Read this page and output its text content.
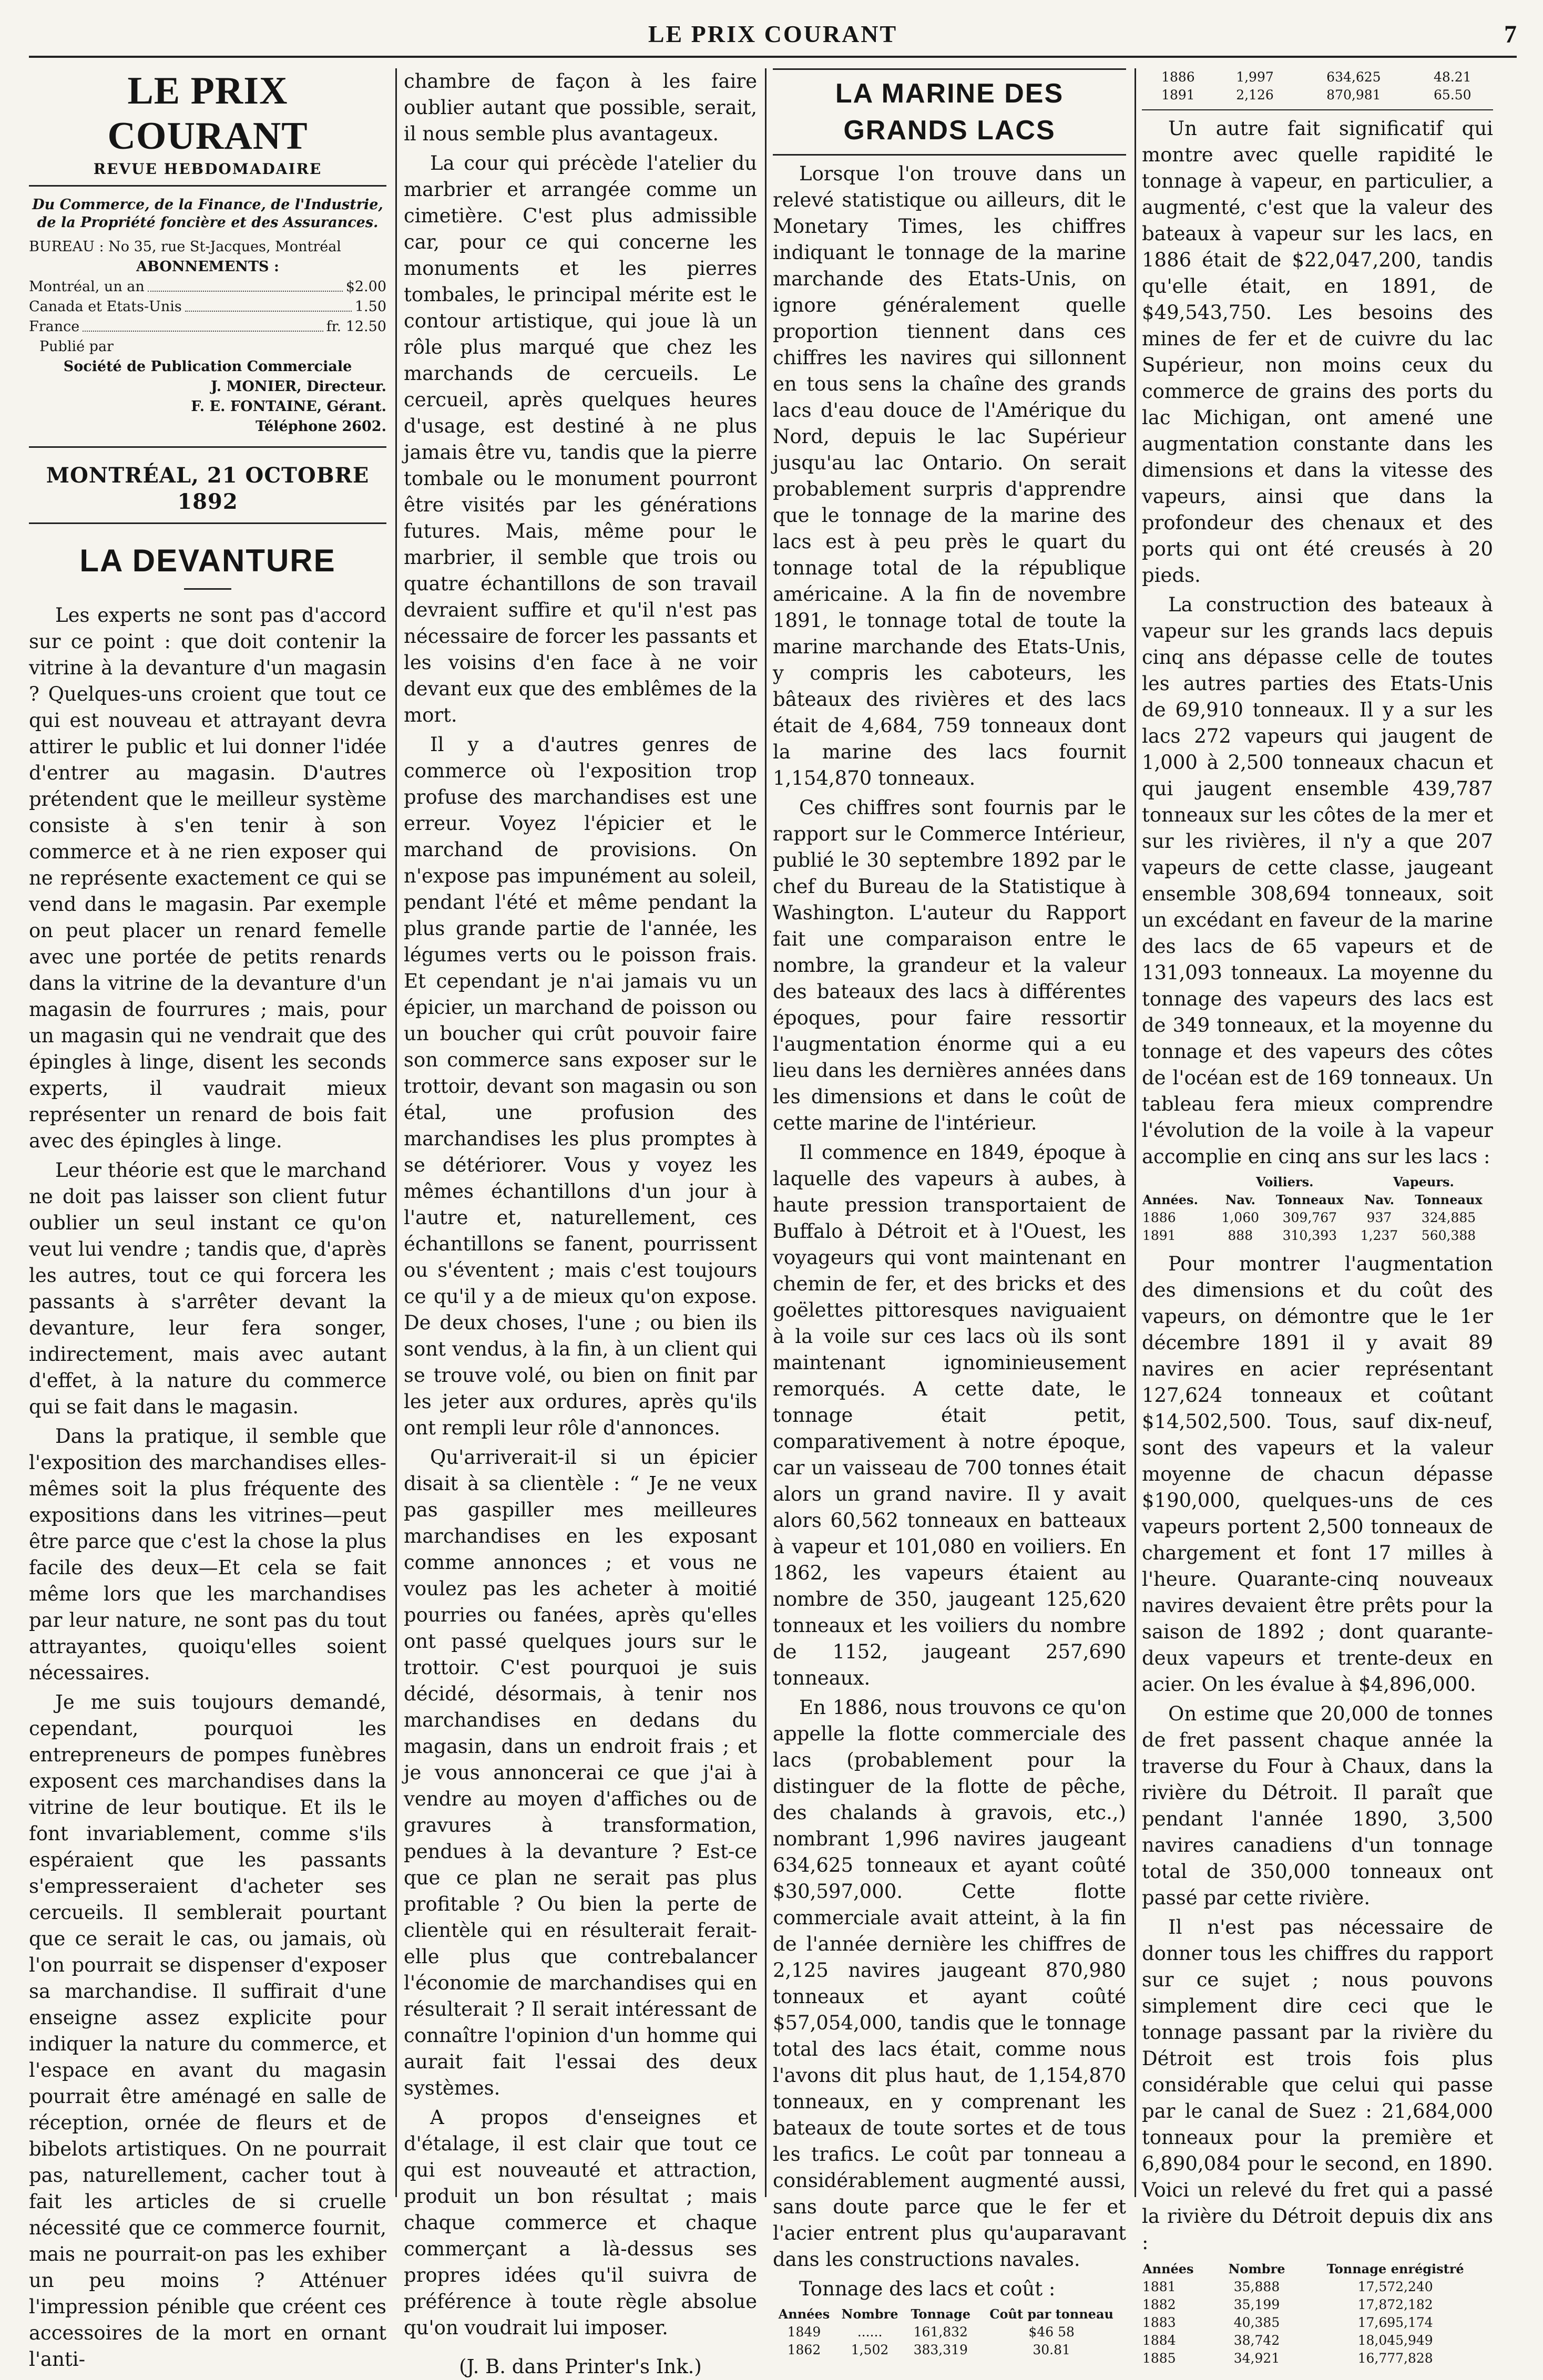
LE PRIX COURANT	7
LE PRIX COURANT
REVUE HEBDOMADAIRE
Du Commerce, de la Finance, de l'Industrie, de la Propriété foncière et des Assurances.
BUREAU : No 35, rue St-Jacques, Montréal
ABONNEMENTS :
Montréal, un an	$2.00
Canada et Etats-Unis	1.50
France	fr. 12.50
Publié par
Société de Publication Commerciale
J. MONIER, Directeur.
F. E. FONTAINE, Gérant.
Téléphone 2602.
MONTRÉAL, 21 OCTOBRE 1892
LA DEVANTURE

Les experts ne sont pas d'accord sur ce point : que doit contenir la vitrine à la devanture d'un magasin ? Quelques-uns croient que tout ce qui est nouveau et attrayant devra attirer le public et lui donner l'idée d'entrer au magasin. D'autres prétendent que le meilleur système consiste à s'en tenir à son commerce et à ne rien exposer qui ne représente exactement ce qui se vend dans le magasin. Par exemple on peut placer un renard femelle avec une portée de petits renards dans la vitrine de la devanture d'un magasin de fourrures ; mais, pour un magasin qui ne vendrait que des épingles à linge, disent les seconds experts, il vaudrait mieux représenter un renard de bois fait avec des épingles à linge.

Leur théorie est que le marchand ne doit pas laisser son client futur oublier un seul instant ce qu'on veut lui vendre ; tandis que, d'après les autres, tout ce qui forcera les passants à s'arrêter devant la devanture, leur fera songer, indirectement, mais avec autant d'effet, à la nature du commerce qui se fait dans le magasin.

Dans la pratique, il semble que l'exposition des marchandises elles-mêmes soit la plus fréquente des expositions dans les vitrines—peut être parce que c'est la chose la plus facile des deux—Et cela se fait même lors que les marchandises par leur nature, ne sont pas du tout attrayantes, quoiqu'elles soient nécessaires.

Je me suis toujours demandé, cependant, pourquoi les entrepreneurs de pompes funèbres exposent ces marchandises dans la vitrine de leur boutique. Et ils le font invariablement, comme s'ils espéraient que les passants s'empresseraient d'acheter ses cercueils. Il semblerait pourtant que ce serait le cas, ou jamais, où l'on pourrait se dispenser d'exposer sa marchandise. Il suffirait d'une enseigne assez explicite pour indiquer la nature du commerce, et l'espace en avant du magasin pourrait être aménagé en salle de réception, ornée de fleurs et de bibelots artistiques. On ne pourrait pas, naturellement, cacher tout à fait les articles de si cruelle nécessité que ce commerce fournit, mais ne pourrait-on pas les exhiber un peu moins ? Atténuer l'impression pénible que créent ces accessoires de la mort en ornant l'anti-

chambre de façon à les faire oublier autant que possible, serait, il nous semble plus avantageux.

La cour qui précède l'atelier du marbrier et arrangée comme un cimetière. C'est plus admissible car, pour ce qui concerne les monuments et les pierres tombales, le principal mérite est le contour artistique, qui joue là un rôle plus marqué que chez les marchands de cercueils. Le cercueil, après quelques heures d'usage, est destiné à ne plus jamais être vu, tandis que la pierre tombale ou le monument pourront être visités par les générations futures. Mais, même pour le marbrier, il semble que trois ou quatre échantillons de son travail devraient suffire et qu'il n'est pas nécessaire de forcer les passants et les voisins d'en face à ne voir devant eux que des emblêmes de la mort.

Il y a d'autres genres de commerce où l'exposition trop profuse des marchandises est une erreur. Voyez l'épicier et le marchand de provisions. On n'expose pas impunément au soleil, pendant l'été et même pendant la plus grande partie de l'année, les légumes verts ou le poisson frais. Et cependant je n'ai jamais vu un épicier, un marchand de poisson ou un boucher qui crût pouvoir faire son commerce sans exposer sur le trottoir, devant son magasin ou son étal, une profusion des marchandises les plus promptes à se détériorer. Vous y voyez les mêmes échantillons d'un jour à l'autre et, naturellement, ces échantillons se fanent, pourrissent ou s'éventent ; mais c'est toujours ce qu'il y a de mieux qu'on expose. De deux choses, l'une ; ou bien ils sont vendus, à la fin, à un client qui se trouve volé, ou bien on finit par les jeter aux ordures, après qu'ils ont rempli leur rôle d'annonces.

Qu'arriverait-il si un épicier disait à sa clientèle : “ Je ne veux pas gaspiller mes meilleures marchandises en les exposant comme annonces ; et vous ne voulez pas les acheter à moitié pourries ou fanées, après qu'elles ont passé quelques jours sur le trottoir. C'est pourquoi je suis décidé, désormais, à tenir nos marchandises en dedans du magasin, dans un endroit frais ; et je vous annoncerai ce que j'ai à vendre au moyen d'affiches ou de gravures à transformation, pendues à la devanture ? Est-ce que ce plan ne serait pas plus profitable ? Ou bien la perte de clientèle qui en résulterait ferait-elle plus que contrebalancer l'économie de marchandises qui en résulterait ? Il serait intéressant de connaître l'opinion d'un homme qui aurait fait l'essai des deux systèmes.

A propos d'enseignes et d'étalage, il est clair que tout ce qui est nouveauté et attraction, produit un bon résultat ; mais chaque commerce et chaque commerçant a là-dessus ses propres idées qu'il suivra de préférence à toute règle absolue qu'on voudrait lui imposer.

(J. B. dans Printer's Ink.)
LA MARINE DES GRANDS LACS

Lorsque l'on trouve dans un relevé statistique ou ailleurs, dit le Monetary Times, les chiffres indiquant le tonnage de la marine marchande des Etats-Unis, on ignore généralement quelle proportion tiennent dans ces chiffres les navires qui sillonnent en tous sens la chaîne des grands lacs d'eau douce de l'Amérique du Nord, depuis le lac Supérieur jusqu'au lac Ontario. On serait probablement surpris d'apprendre que le tonnage de la marine des lacs est à peu près le quart du tonnage total de la république américaine. A la fin de novembre 1891, le tonnage total de toute la marine marchande des Etats-Unis, y compris les caboteurs, les bâteaux des rivières et des lacs était de 4,684, 759 tonneaux dont la marine des lacs fournit 1,154,870 tonneaux.

Ces chiffres sont fournis par le rapport sur le Commerce Intérieur, publié le 30 septembre 1892 par le chef du Bureau de la Statistique à Washington. L'auteur du Rapport fait une comparaison entre le nombre, la grandeur et la valeur des bateaux des lacs à différentes époques, pour faire ressortir l'augmentation énorme qui a eu lieu dans les dernières années dans les dimensions et dans le coût de cette marine de l'intérieur.

Il commence en 1849, époque à laquelle des vapeurs à aubes, à haute pression transportaient de Buffalo à Détroit et à l'Ouest, les voyageurs qui vont maintenant en chemin de fer, et des bricks et des goëlettes pittoresques naviguaient à la voile sur ces lacs où ils sont maintenant ignominieusement remorqués. A cette date, le tonnage était petit, comparativement à notre époque, car un vaisseau de 700 tonnes était alors un grand navire. Il y avait alors 60,562 tonneaux en batteaux à vapeur et 101,080 en voiliers. En 1862, les vapeurs étaient au nombre de 350, jaugeant 125,620 tonneaux et les voiliers du nombre de 1152, jaugeant 257,690 tonneaux.

En 1886, nous trouvons ce qu'on appelle la flotte commerciale des lacs (probablement pour la distinguer de la flotte de pêche, des chalands à gravois, etc.,) nombrant 1,996 navires jaugeant 634,625 tonneaux et ayant coûté $30,597,000. Cette flotte commerciale avait atteint, à la fin de l'année dernière les chiffres de 2,125 navires jaugeant 870,980 tonneaux et ayant coûté $57,054,000, tandis que le tonnage total des lacs était, comme nous l'avons dit plus haut, de 1,154,870 tonneaux, en y comprenant les bateaux de toute sortes et de tous les trafics. Le coût par tonneau a considérablement augmenté aussi, sans doute parce que le fer et l'acier entrent plus qu'auparavant dans les constructions navales.

Tonnage des lacs et coût :

Années	Nombre	Tonnage	Coût par tonneau
1849	......	161,832	$46 58
1862	1,502	383,319	30.81
1886	1,997	634,625	48.21
1891	2,126	870,981	65.50

Un autre fait significatif qui montre avec quelle rapidité le tonnage à vapeur, en particulier, a augmenté, c'est que la valeur des bateaux à vapeur sur les lacs, en 1886 était de $22,047,200, tandis qu'elle était, en 1891, de $49,543,750. Les besoins des mines de fer et de cuivre du lac Supérieur, non moins ceux du commerce de grains des ports du lac Michigan, ont amené une augmentation constante dans les dimensions et dans la vitesse des vapeurs, ainsi que dans la profondeur des chenaux et des ports qui ont été creusés à 20 pieds.

La construction des bateaux à vapeur sur les grands lacs depuis cinq ans dépasse celle de toutes les autres parties des Etats-Unis de 69,910 tonneaux. Il y a sur les lacs 272 vapeurs qui jaugent de 1,000 à 2,500 tonneaux chacun et qui jaugent ensemble 439,787 tonneaux sur les côtes de la mer et sur les rivières, il n'y a que 207 vapeurs de cette classe, jaugeant ensemble 308,694 tonneaux, soit un excédant en faveur de la marine des lacs de 65 vapeurs et de 131,093 tonneaux. La moyenne du tonnage des vapeurs des lacs est de 349 tonneaux, et la moyenne du tonnage et des vapeurs des côtes de l'océan est de 169 tonneaux. Un tableau fera mieux comprendre l'évolution de la voile à la vapeur accomplie en cinq ans sur les lacs :

Années.	Voiliers.		Vapeurs.	
	Nav.	Tonneaux	Nav.	Tonneaux
1886	1,060	309,767	937	324,885
1891	888	310,393	1,237	560,388

Pour montrer l'augmentation des dimensions et du coût des vapeurs, on démontre que le 1er décembre 1891 il y avait 89 navires en acier représentant 127,624 tonneaux et coûtant $14,502,500. Tous, sauf dix-neuf, sont des vapeurs et la valeur moyenne de chacun dépasse $190,000, quelques-uns de ces vapeurs portent 2,500 tonneaux de chargement et font 17 milles à l'heure. Quarante-cinq nouveaux navires devaient être prêts pour la saison de 1892 ; dont quarante-deux vapeurs et trente-deux en acier. On les évalue à $4,896,000.

On estime que 20,000 de tonnes de fret passent chaque année la traverse du Four à Chaux, dans la rivière du Détroit. Il paraît que pendant l'année 1890, 3,500 navires canadiens d'un tonnage total de 350,000 tonneaux ont passé par cette rivière.

Il n'est pas nécessaire de donner tous les chiffres du rapport sur ce sujet ; nous pouvons simplement dire ceci que le tonnage passant par la rivière du Détroit est trois fois plus considérable que celui qui passe par le canal de Suez : 21,684,000 tonneaux pour la première et 6,890,084 pour le second, en 1890. Voici un relevé du fret qui a passé la rivière du Détroit depuis dix ans :

Années	Nombre	Tonnage enrégistré
1881	35,888	17,572,240
1882	35,199	17,872,182
1883	40,385	17,695,174
1884	38,742	18,045,949
1885	34,921	16,777,828
